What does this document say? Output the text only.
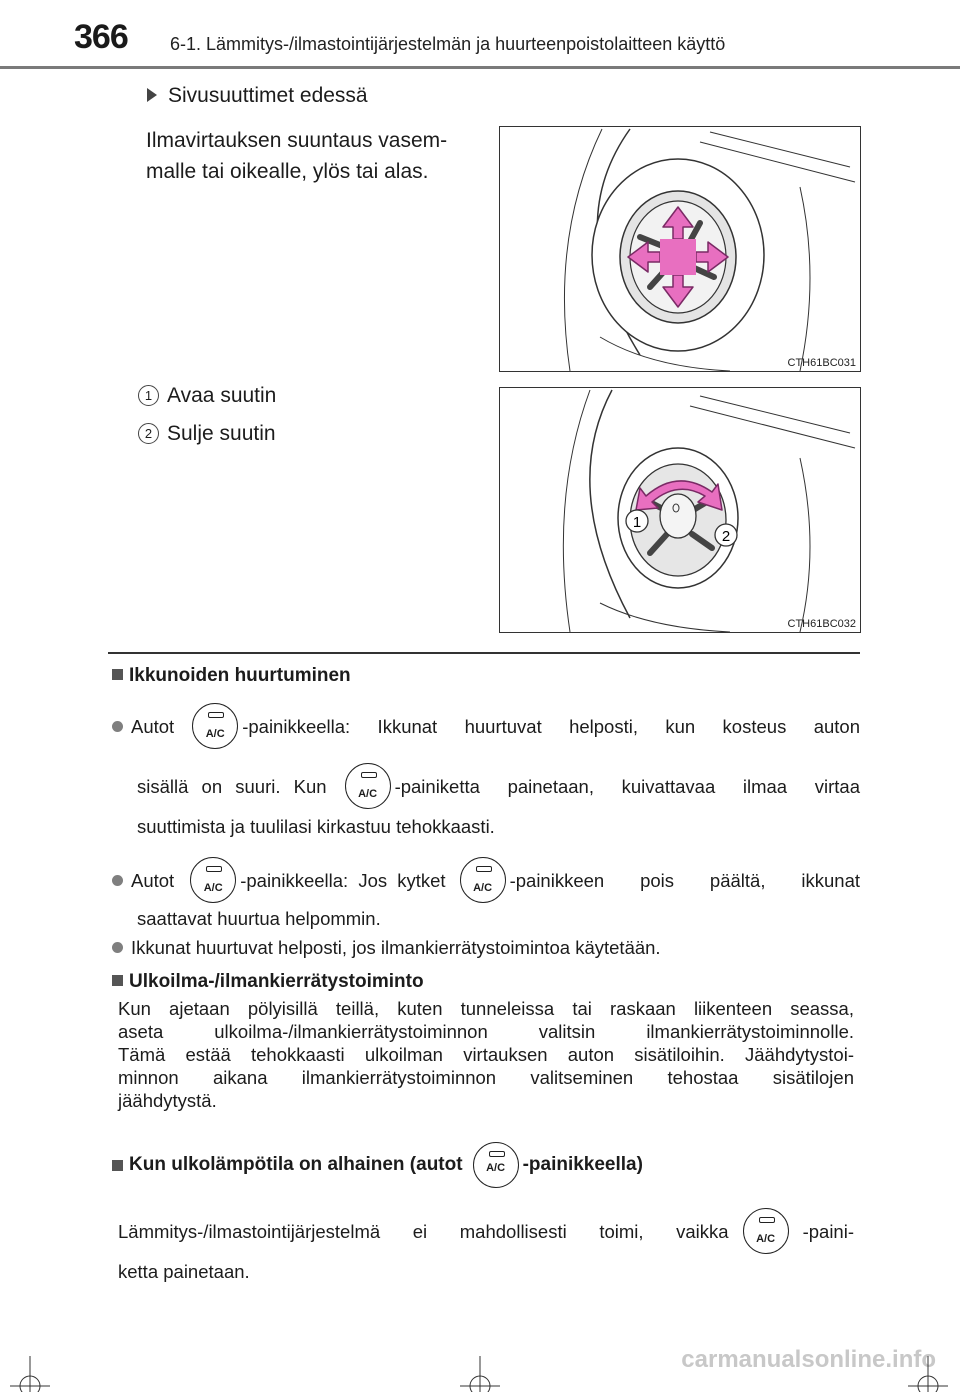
366 6-1. Lämmitys-/ilmastointijärjestelmän ja huurteenpoistolaitteen käyttö
Sivusuuttimet edessä
Ilmavirtauksen suuntaus vasem-
malle tai oikealle, ylös tai alas.
CTH61BC031
1 Avaa suutin
2 Sulje suutin
1
2
CTH61BC032
Ikkunoiden huurtuminen
Autot	A/C -painikkeella: Ikkunat huurtuvat helposti, kun kosteus auton
sisällä on suuri. Kun	A/C -painiketta painetaan, kuivattavaa ilmaa virtaa
suuttimista ja tuulilasi kirkastuu tehokkaasti.
Autot	A/C -painikkeella: Jos kytket	A/C -painikkeen pois päältä, ikkunat
saattavat huurtua helpommin.
Ikkunat huurtuvat helposti, jos ilmankierrätystoimintoa käytetään.
Ulkoilma-/ilmankierrätystoiminto
Kun ajetaan pölyisillä teillä, kuten tunneleissa tai raskaan liikenteen seassa,
aseta ulkoilma-/ilmankierrätystoiminnon valitsin ilmankierrätystoiminnolle.
Tämä estää tehokkaasti ulkoilman virtauksen auton sisätiloihin. Jäähdytystoi-
minnon aikana ilmankierrätystoiminnon valitseminen tehostaa sisätilojen
jäähdytystä.
Kun ulkolämpötila on alhainen (autot	A/C -painikkeella)
Lämmitys-/ilmastointijärjestelmä ei mahdollisesti toimi, vaikka	A/C	-paini-
ketta painetaan.
carmanualsonline.info
